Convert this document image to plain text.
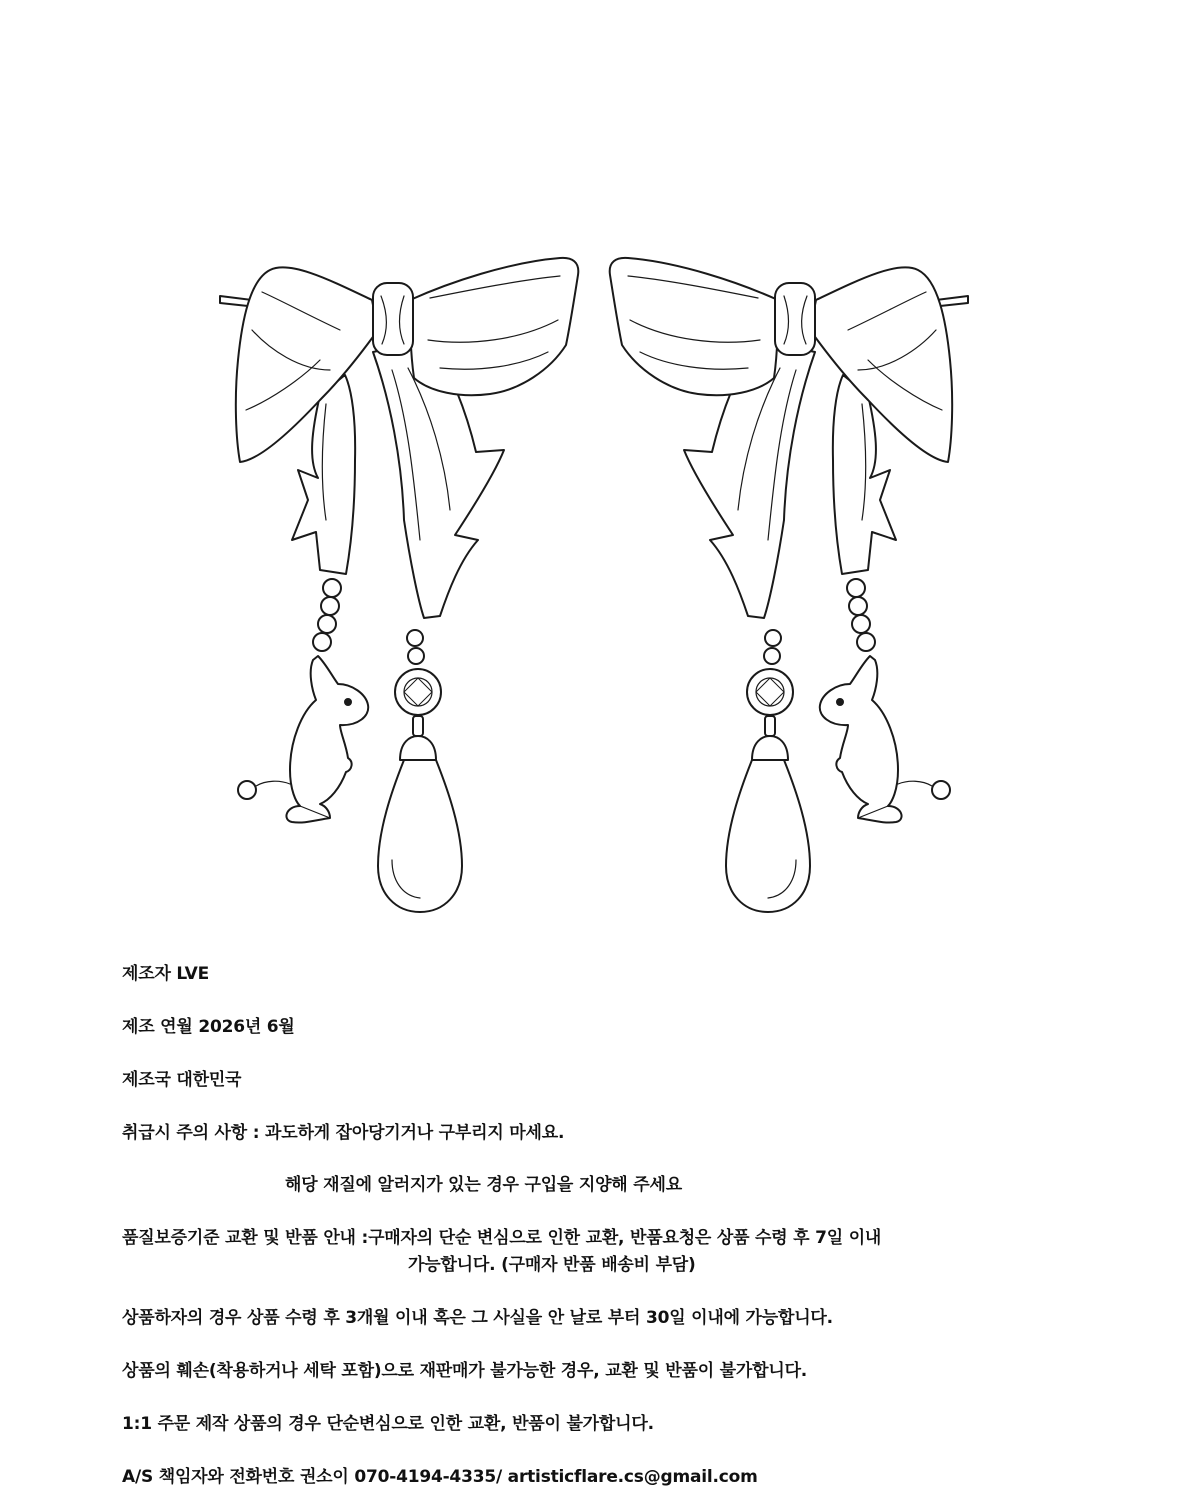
제조자 LVE
제조 연월 2026년 6월
제조국 대한민국
취급시 주의 사항 : 과도하게 잡아당기거나 구부리지 마세요.
해당 재질에 알러지가 있는 경우 구입을 지양해 주세요
품질보증기준 교환 및 반품 안내 :구매자의 단순 변심으로 인한 교환, 반품요청은 상품 수령 후 7일 이내
가능합니다. (구매자 반품 배송비 부담)
상품하자의 경우 상품 수령 후 3개월 이내 혹은 그 사실을 안 날로 부터 30일 이내에 가능합니다.
상품의 훼손(착용하거나 세탁 포함)으로 재판매가 불가능한 경우, 교환 및 반품이 불가합니다.
1:1 주문 제작 상품의 경우 단순변심으로 인한 교환, 반품이 불가합니다.
A/S 책임자와 전화번호 권소이 070-4194-4335/ artisticflare.cs@gmail.com
